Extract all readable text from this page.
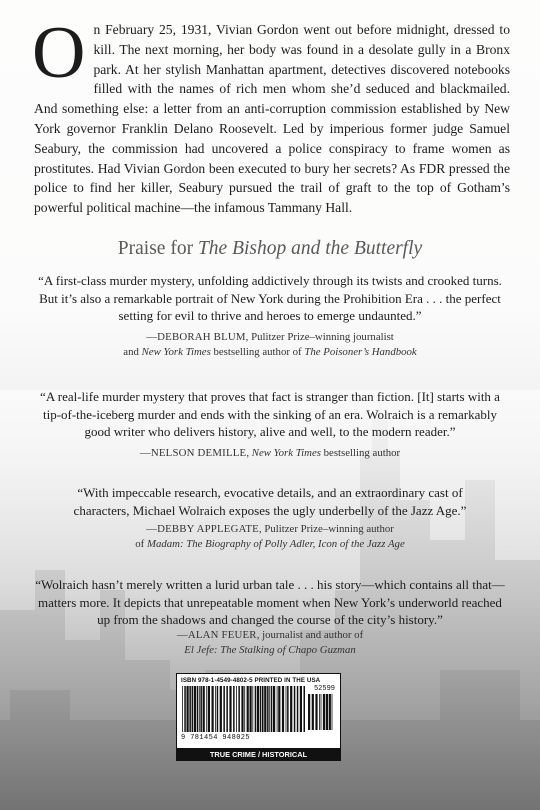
On February 25, 1931, Vivian Gordon went out before midnight, dressed to kill. The next morning, her body was found in a desolate gully in a Bronx park. At her stylish Manhattan apartment, detectives discovered notebooks filled with the names of rich men whom she’d seduced and blackmailed. And something else: a letter from an anti-corruption commission established by New York governor Franklin Delano Roosevelt. Led by imperious former judge Samuel Seabury, the commission had uncovered a police conspiracy to frame women as prostitutes. Had Vivian Gordon been executed to bury her secrets? As FDR pressed the police to find her killer, Seabury pursued the trail of graft to the top of Gotham’s powerful political machine—the infamous Tammany Hall.

Praise for The Bishop and the Butterfly

“A first-class murder mystery, unfolding addictively through its twists and crooked turns. But it’s also a remarkable portrait of New York during the Prohibition Era . . . the perfect setting for evil to thrive and heroes to emerge undaunted.”

—DEBORAH BLUM, Pulitzer Prize–winning journalist
and New York Times bestselling author of The Poisoner’s Handbook

“A real-life murder mystery that proves that fact is stranger than fiction. [It] starts with a tip-of-the-iceberg murder and ends with the sinking of an era. Wolraich is a remarkably good writer who delivers history, alive and well, to the modern reader.”

—NELSON DEMILLE, New York Times bestselling author

“With impeccable research, evocative details, and an extraordinary cast of characters, Michael Wolraich exposes the ugly underbelly of the Jazz Age.”

—DEBBY APPLEGATE, Pulitzer Prize–winning author
of Madam: The Biography of Polly Adler, Icon of the Jazz Age

“Wolraich hasn’t merely written a lurid urban tale . . . his story—which contains all that—matters more. It depicts that unrepeatable moment when New York’s underworld reached up from the shadows and changed the course of the city’s history.”

—ALAN FEUER, journalist and author of
El Jefe: The Stalking of Chapo Guzman
ISBN 978-1-4549-4802-5 PRINTED IN THE USA
52599
9 781454 948025
TRUE CRIME / HISTORICAL
